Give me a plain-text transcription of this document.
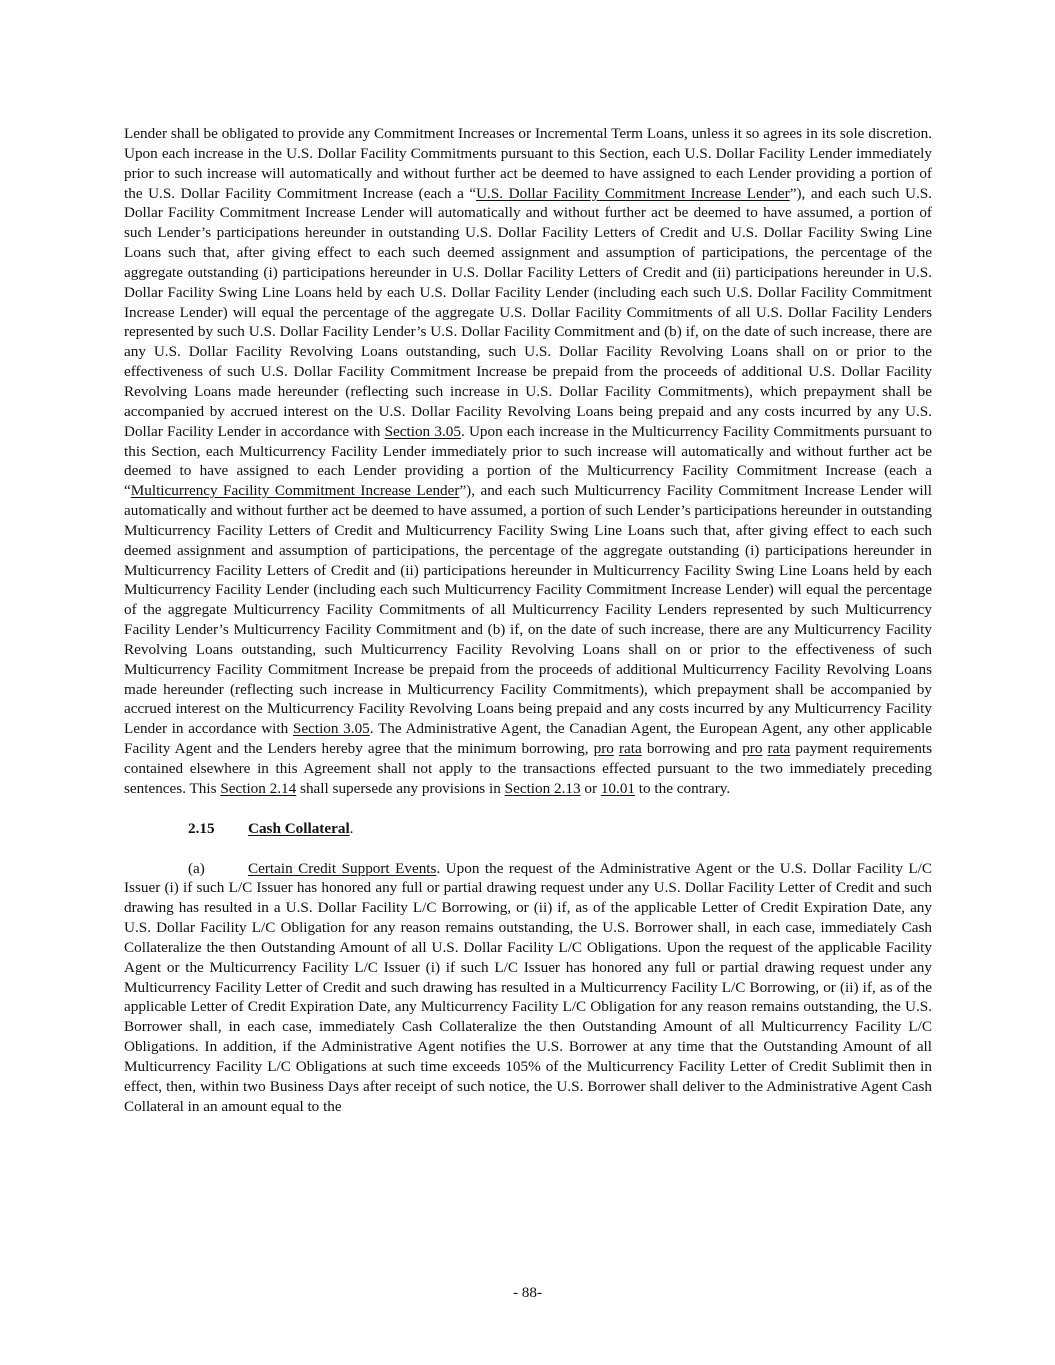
Lender shall be obligated to provide any Commitment Increases or Incremental Term Loans, unless it so agrees in its sole discretion. Upon each increase in the U.S. Dollar Facility Commitments pursuant to this Section, each U.S. Dollar Facility Lender immediately prior to such increase will automatically and without further act be deemed to have assigned to each Lender providing a portion of the U.S. Dollar Facility Commitment Increase (each a “U.S. Dollar Facility Commitment Increase Lender”), and each such U.S. Dollar Facility Commitment Increase Lender will automatically and without further act be deemed to have assumed, a portion of such Lender’s participations hereunder in outstanding U.S. Dollar Facility Letters of Credit and U.S. Dollar Facility Swing Line Loans such that, after giving effect to each such deemed assignment and assumption of participations, the percentage of the aggregate outstanding (i) participations hereunder in U.S. Dollar Facility Letters of Credit and (ii) participations hereunder in U.S. Dollar Facility Swing Line Loans held by each U.S. Dollar Facility Lender (including each such U.S. Dollar Facility Commitment Increase Lender) will equal the percentage of the aggregate U.S. Dollar Facility Commitments of all U.S. Dollar Facility Lenders represented by such U.S. Dollar Facility Lender’s U.S. Dollar Facility Commitment and (b) if, on the date of such increase, there are any U.S. Dollar Facility Revolving Loans outstanding, such U.S. Dollar Facility Revolving Loans shall on or prior to the effectiveness of such U.S. Dollar Facility Commitment Increase be prepaid from the proceeds of additional U.S. Dollar Facility Revolving Loans made hereunder (reflecting such increase in U.S. Dollar Facility Commitments), which prepayment shall be accompanied by accrued interest on the U.S. Dollar Facility Revolving Loans being prepaid and any costs incurred by any U.S. Dollar Facility Lender in accordance with Section 3.05. Upon each increase in the Multicurrency Facility Commitments pursuant to this Section, each Multicurrency Facility Lender immediately prior to such increase will automatically and without further act be deemed to have assigned to each Lender providing a portion of the Multicurrency Facility Commitment Increase (each a “Multicurrency Facility Commitment Increase Lender”), and each such Multicurrency Facility Commitment Increase Lender will automatically and without further act be deemed to have assumed, a portion of such Lender’s participations hereunder in outstanding Multicurrency Facility Letters of Credit and Multicurrency Facility Swing Line Loans such that, after giving effect to each such deemed assignment and assumption of participations, the percentage of the aggregate outstanding (i) participations hereunder in Multicurrency Facility Letters of Credit and (ii) participations hereunder in Multicurrency Facility Swing Line Loans held by each Multicurrency Facility Lender (including each such Multicurrency Facility Commitment Increase Lender) will equal the percentage of the aggregate Multicurrency Facility Commitments of all Multicurrency Facility Lenders represented by such Multicurrency Facility Lender’s Multicurrency Facility Commitment and (b) if, on the date of such increase, there are any Multicurrency Facility Revolving Loans outstanding, such Multicurrency Facility Revolving Loans shall on or prior to the effectiveness of such Multicurrency Facility Commitment Increase be prepaid from the proceeds of additional Multicurrency Facility Revolving Loans made hereunder (reflecting such increase in Multicurrency Facility Commitments), which prepayment shall be accompanied by accrued interest on the Multicurrency Facility Revolving Loans being prepaid and any costs incurred by any Multicurrency Facility Lender in accordance with Section 3.05. The Administrative Agent, the Canadian Agent, the European Agent, any other applicable Facility Agent and the Lenders hereby agree that the minimum borrowing, pro rata borrowing and pro rata payment requirements contained elsewhere in this Agreement shall not apply to the transactions effected pursuant to the two immediately preceding sentences. This Section 2.14 shall supersede any provisions in Section 2.13 or 10.01 to the contrary.

2.15 Cash Collateral.

(a)	Certain Credit Support Events. Upon the request of the Administrative Agent or the U.S. Dollar Facility L/C Issuer (i) if such L/C Issuer has honored any full or partial drawing request under any U.S. Dollar Facility Letter of Credit and such drawing has resulted in a U.S. Dollar Facility L/C Borrowing, or (ii) if, as of the applicable Letter of Credit Expiration Date, any U.S. Dollar Facility L/C Obligation for any reason remains outstanding, the U.S. Borrower shall, in each case, immediately Cash Collateralize the then Outstanding Amount of all U.S. Dollar Facility L/C Obligations. Upon the request of the applicable Facility Agent or the Multicurrency Facility L/C Issuer (i) if such L/C Issuer has honored any full or partial drawing request under any Multicurrency Facility Letter of Credit and such drawing has resulted in a Multicurrency Facility L/C Borrowing, or (ii) if, as of the applicable Letter of Credit Expiration Date, any Multicurrency Facility L/C Obligation for any reason remains outstanding, the U.S. Borrower shall, in each case, immediately Cash Collateralize the then Outstanding Amount of all Multicurrency Facility L/C Obligations. In addition, if the Administrative Agent notifies the U.S. Borrower at any time that the Outstanding Amount of all Multicurrency Facility L/C Obligations at such time exceeds 105% of the Multicurrency Facility Letter of Credit Sublimit then in effect, then, within two Business Days after receipt of such notice, the U.S. Borrower shall deliver to the Administrative Agent Cash Collateral in an amount equal to the

- 88-
